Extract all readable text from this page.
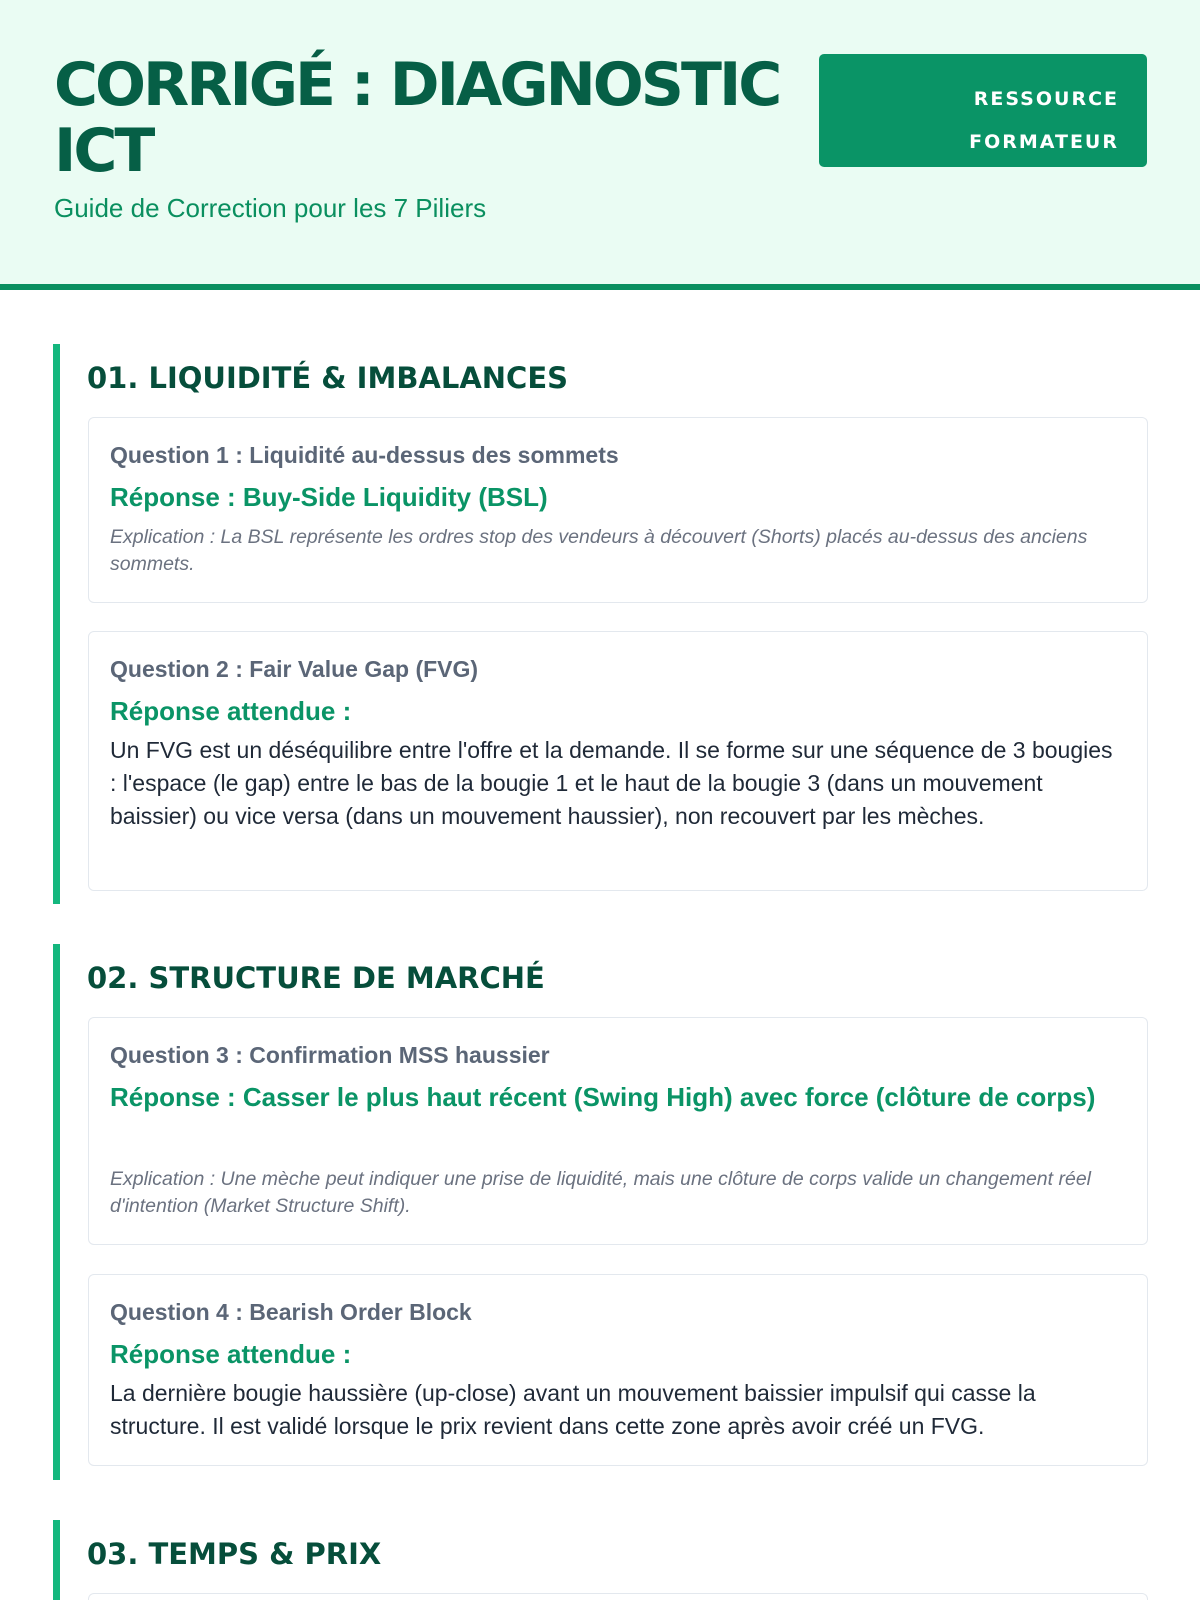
CORRIGÉ : DIAGNOSTIC ICT
Guide de Correction pour les 7 Piliers
RESSOURCE FORMATEUR
01. LIQUIDITÉ & IMBALANCES
Question 1 : Liquidité au-dessus des sommets
Réponse : Buy-Side Liquidity (BSL)
Explication : La BSL représente les ordres stop des vendeurs à découvert (Shorts) placés au-dessus des anciens sommets.
Question 2 : Fair Value Gap (FVG)
Réponse attendue :
Un FVG est un déséquilibre entre l'offre et la demande. Il se forme sur une séquence de 3 bougies : l'espace (le gap) entre le bas de la bougie 1 et le haut de la bougie 3 (dans un mouvement baissier) ou vice versa (dans un mouvement haussier), non recouvert par les mèches.
02. STRUCTURE DE MARCHÉ
Question 3 : Confirmation MSS haussier
Réponse : Casser le plus haut récent (Swing High) avec force (clôture de corps)
Explication : Une mèche peut indiquer une prise de liquidité, mais une clôture de corps valide un changement réel d'intention (Market Structure Shift).
Question 4 : Bearish Order Block
Réponse attendue :
La dernière bougie haussière (up-close) avant un mouvement baissier impulsif qui casse la structure. Il est validé lorsque le prix revient dans cette zone après avoir créé un FVG.
03. TEMPS & PRIX
